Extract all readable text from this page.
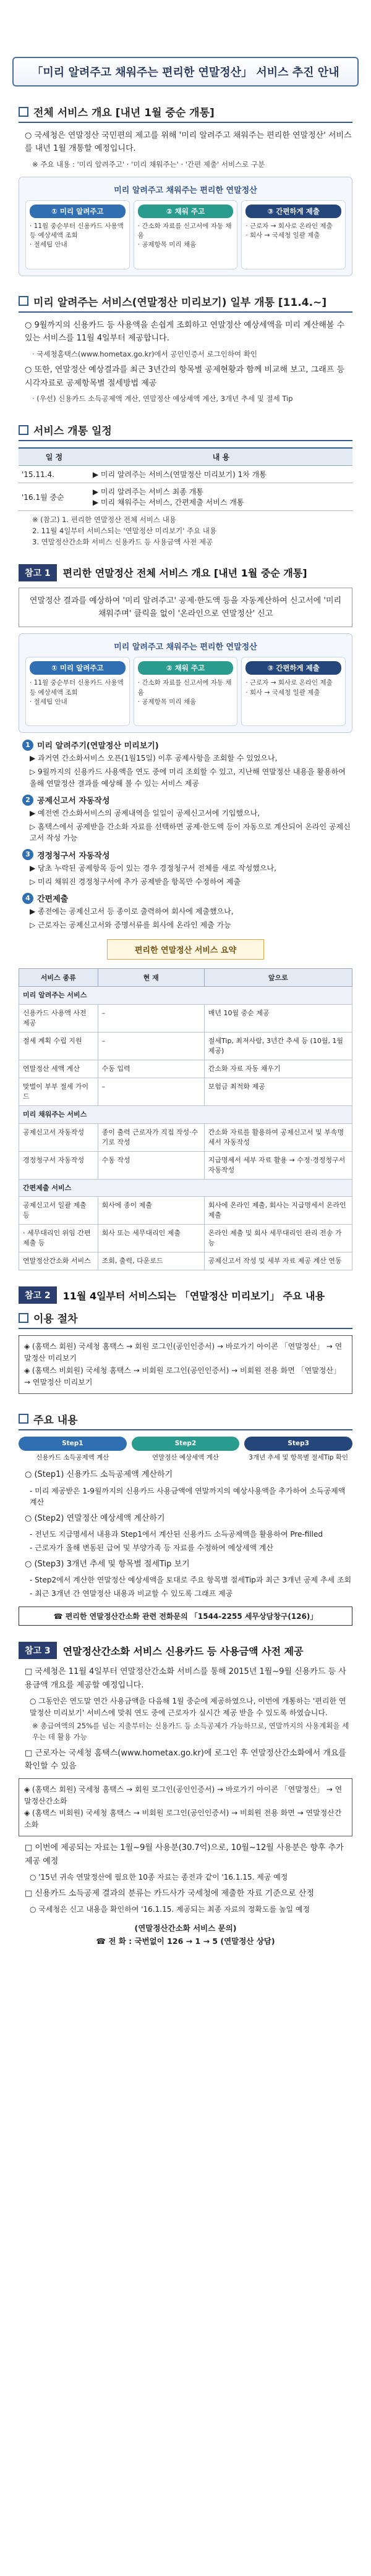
「미리 알려주고 채워주는 편리한 연말정산」 서비스 추진 안내
전체 서비스 개요 [내년 1월 중순 개통]
○ 국세청은 연말정산 국민편의 제고를 위해 '미리 알려주고 채워주는 편리한 연말정산' 서비스를 내년 1월 개통할 예정입니다.
※ 주요 내용 : '미리 알려주고' · '미리 채워주는' · '간편 제출' 서비스로 구분
미리 알려주고 채워주는 편리한 연말정산
① 미리 알려주고
· 11월 중순부터 신용카드 사용액 등 예상세액 조회
· 절세팁 안내
② 채워 주고
· 간소화 자료를 신고서에 자동 채움
· 공제항목 미리 채움
③ 간편하게 제출
· 근로자 → 회사로 온라인 제출
· 회사 → 국세청 일괄 제출
미리 알려주는 서비스(연말정산 미리보기) 일부 개통 [11.4.~]
○ 9월까지의 신용카드 등 사용액을 손쉽게 조회하고 연말정산 예상세액을 미리 계산해볼 수 있는 서비스를 11월 4일부터 제공합니다.
· 국세청홈택스(www.hometax.go.kr)에서 공인인증서 로그인하여 확인
○ 또한, 연말정산 예상결과를 최근 3년간의 항목별 공제현황과 함께 비교해 보고, 그래프 등 시각자료로 공제항목별 절세방법 제공
· (우선) 신용카드 소득공제액 계산, 연말정산 예상세액 계산, 3개년 추세 및 절세 Tip
서비스 개통 일정
일 정	내 용
'15.11.4.	▶ 미리 알려주는 서비스(연말정산 미리보기) 1차 개통
'16.1월 중순	▶ 미리 알려주는 서비스 최종 개통
▶ 미리 채워주는 서비스, 간편제출 서비스 개통
※ (참고) 1. 편리한 연말정산 전체 서비스 내용
2. 11월 4일부터 서비스되는 '연말정산 미리보기' 주요 내용
3. 연말정산간소화 서비스 신용카드 등 사용금액 사전 제공
참고 1	편리한 연말정산 전체 서비스 개요 [내년 1월 중순 개통]
연말정산 결과를 예상하여 '미리 알려주고' 공제·한도액 등을 자동계산하여 신고서에 '미리 채워주며' 클릭을 없이 '온라인으로 연말정산' 신고
미리 알려주고 채워주는 편리한 연말정산
① 미리 알려주고
· 11월 중순부터 신용카드 사용액 등 예상세액 조회
· 절세팁 안내
② 채워 주고
· 간소화 자료를 신고서에 자동 채움
· 공제항목 미리 채움
③ 간편하게 제출
· 근로자 → 회사로 온라인 제출
· 회사 → 국세청 일괄 제출
1 미리 알려주기(연말정산 미리보기)
▶ 과거연 간소화서비스 오픈(1월15일) 이후 공제사항을 조회할 수 있었으나,
▷ 9월까지의 신용카드 사용액을 연도 중에 미리 조회할 수 있고, 지난해 연말정산 내용을 활용하여 올해 연말정산 결과를 예상해 볼 수 있는 서비스 제공
2 공제신고서 자동작성
▶ 예전엔 간소화서비스의 공제내역을 일일이 공제신고서에 기입했으나,
▷ 홈택스에서 공제받을 간소화 자료를 선택하면 공제·한도액 등이 자동으로 계산되어 온라인 공제신고서 작성 가능
3 경정청구서 자동작성
▶ 당초 누락된 공제항목 등이 있는 경우 경정청구서 전체를 새로 작성했으나,
▷ 미리 채워진 경정청구서에 추가 공제받을 항목만 수정하여 제출
4 간편제출
▶ 종전에는 공제신고서 등 종이로 출력하여 회사에 제출했으나,
▷ 근로자는 공제신고서와 증명서류를 회사에 온라인 제출 가능
편리한 연말정산 서비스 요약
서비스 종류	현 재	앞으로
미리 알려주는 서비스		
신용카드 사용액 사전 제공	–	매년 10월 중순 제공
절세 계획 수립 지원	–	절세Tip, 최저사람, 3년간 추세 등 (10월, 1월 제공)
연말정산 세액 계산	수동 입력	간소화 자료 자동 채우기
맞벌이 부부 절세 가이드	–	보험금 최적화 제공
미리 채워주는 서비스		
공제신고서 자동작성	종이 출력 근로자가 직접 작성·수기로 작성	간소화 자료를 활용하여 공제신고서 및 부속명세서 자동작성
경정청구서 자동작성	수동 작성	지급명세서 세부 자료 활용 → 수정·경정청구서 자동작성
간편제출 서비스		
공제신고서 일괄 제출 등	회사에 종이 제출	회사에 온라인 제출, 회사는 지급명세서 온라인 제출
· 세무대리인 위임 간편제출 등	회사 또는 세무대리인 제출	온라인 제출 및 회사 세무대리인 관리 전송 가능
연말정산간소화 서비스	조회, 출력, 다운로드	공제신고서 작성 및 세부 자료 제공 계산 연동
참고 2	11월 4일부터 서비스되는 「연말정산 미리보기」 주요 내용
이용 절차
◈ (홈택스 회원) 국세청 홈택스 → 회원 로그인(공인인증서) → 바로가기 아이콘 「연말정산」 → 연말정산 미리보기
◈ (홈택스 비회원) 국세청 홈택스 → 비회원 로그인(공인인증서) → 비회원 전용 화면 「연말정산」 → 연말정산 미리보기
주요 내용
Step1
신용카드 소득공제액 계산
Step2
연말정산 예상세액 계산
Step3
3개년 추세 및 항목별 절세Tip 확인
○ (Step1) 신용카드 소득공제액 계산하기
- 미리 제공받은 1-9월까지의 신용카드 사용금액에 연말까지의 예상사용액을 추가하여 소득공제액 계산
○ (Step2) 연말정산 예상세액 계산하기
- 전년도 지급명세서 내용과 Step1에서 계산된 신용카드 소득공제액을 활용하여 Pre-filled
- 근로자가 올해 변동된 급여 및 부양가족 등 자료를 수정하여 예상세액 계산
○ (Step3) 3개년 추세 및 항목별 절세Tip 보기
- Step2에서 계산한 연말정산 예상세액을 토대로 주요 항목별 절세Tip과 최근 3개년 공제 추세 조회
- 최근 3개년 간 연말정산 내용과 비교할 수 있도록 그래프 제공
☎ 편리한 연말정산간소화 관련 전화문의 「1544-2255 세무상담창구(126)」
참고 3	연말정산간소화 서비스 신용카드 등 사용금액 사전 제공
□ 국세청은 11월 4일부터 연말정산간소화 서비스를 통해 2015년 1월~9월 신용카드 등 사용금액 개요를 제공할 예정입니다.
○ 그동안은 연도말 연간 사용금액을 다음해 1월 중순에 제공하였으나, 이번에 개통하는 '편리한 연말정산 미리보기' 서비스에 맞춰 연도 중에 근로자가 실시간 제공 받을 수 있도록 하였습니다.
※ 총급여액의 25%를 넘는 지출부터는 신용카드 등 소득공제가 가능하므로, 연말까지의 사용계획을 세우는 데 활용 가능
□ 근로자는 국세청 홈택스(www.hometax.go.kr)에 로그인 후 연말정산간소화에서 개요를 확인할 수 있음
◈ (홈택스 회원) 국세청 홈택스 → 회원 로그인(공인인증서) → 바로가기 아이콘 「연말정산」 → 연말정산간소화
◈ (홈택스 비회원) 국세청 홈택스 → 비회원 로그인(공인인증서) → 비회원 전용 화면 → 연말정산간소화
□ 이번에 제공되는 자료는 1월~9월 사용분(30.7억)으로, 10월~12월 사용분은 향후 추가 제공 예정
○ '15년 귀속 연말정산에 필요한 10종 자료는 종전과 같이 '16.1.15. 제공 예정
□ 신용카드 소득공제 결과의 분류는 카드사가 국세청에 제출한 자료 기준으로 산정
○ 국세청은 신고 내용을 확인하여 '16.1.15. 제공되는 최종 자료의 정확도를 높일 예정
(연말정산간소화 서비스 문의)
☎ 전 화 : 국번없이 126 → 1 → 5 (연말정산 상담)
